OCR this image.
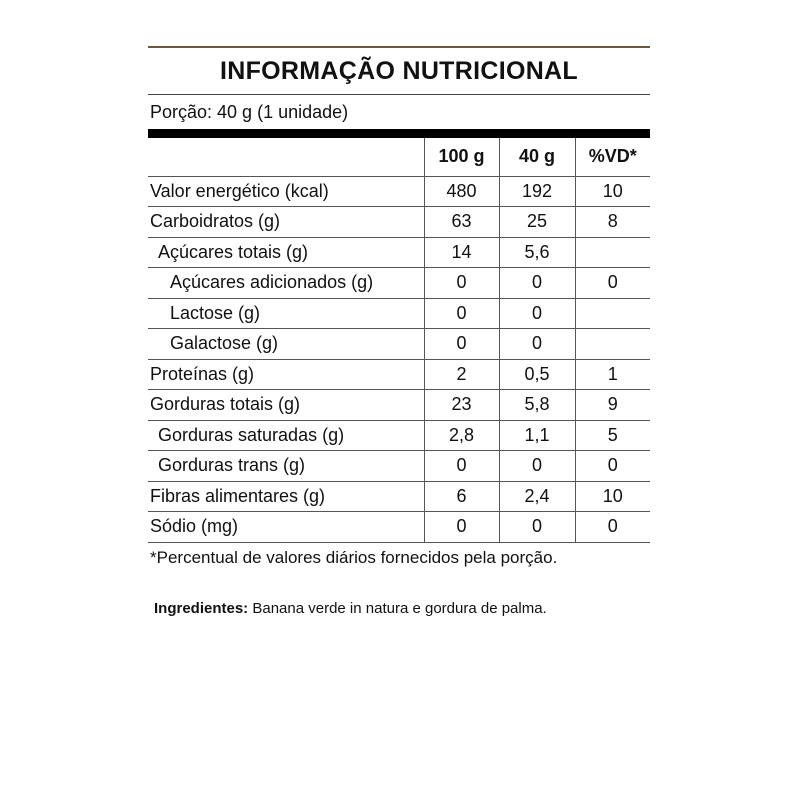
INFORMAÇÃO NUTRICIONAL
Porção: 40 g (1 unidade)
	100 g	40 g	%VD*
Valor energético (kcal)	480	192	10
Carboidratos (g)	63	25	8
Açúcares totais (g)	14	5,6	
Açúcares adicionados (g)	0	0	0
Lactose (g)	0	0	
Galactose (g)	0	0	
Proteínas (g)	2	0,5	1
Gorduras totais (g)	23	5,8	9
Gorduras saturadas (g)	2,8	1,1	5
Gorduras trans (g)	0	0	0
Fibras alimentares (g)	6	2,4	10
Sódio (mg)	0	0	0
*Percentual de valores diários fornecidos pela porção.
Ingredientes: Banana verde in natura e gordura de palma.
